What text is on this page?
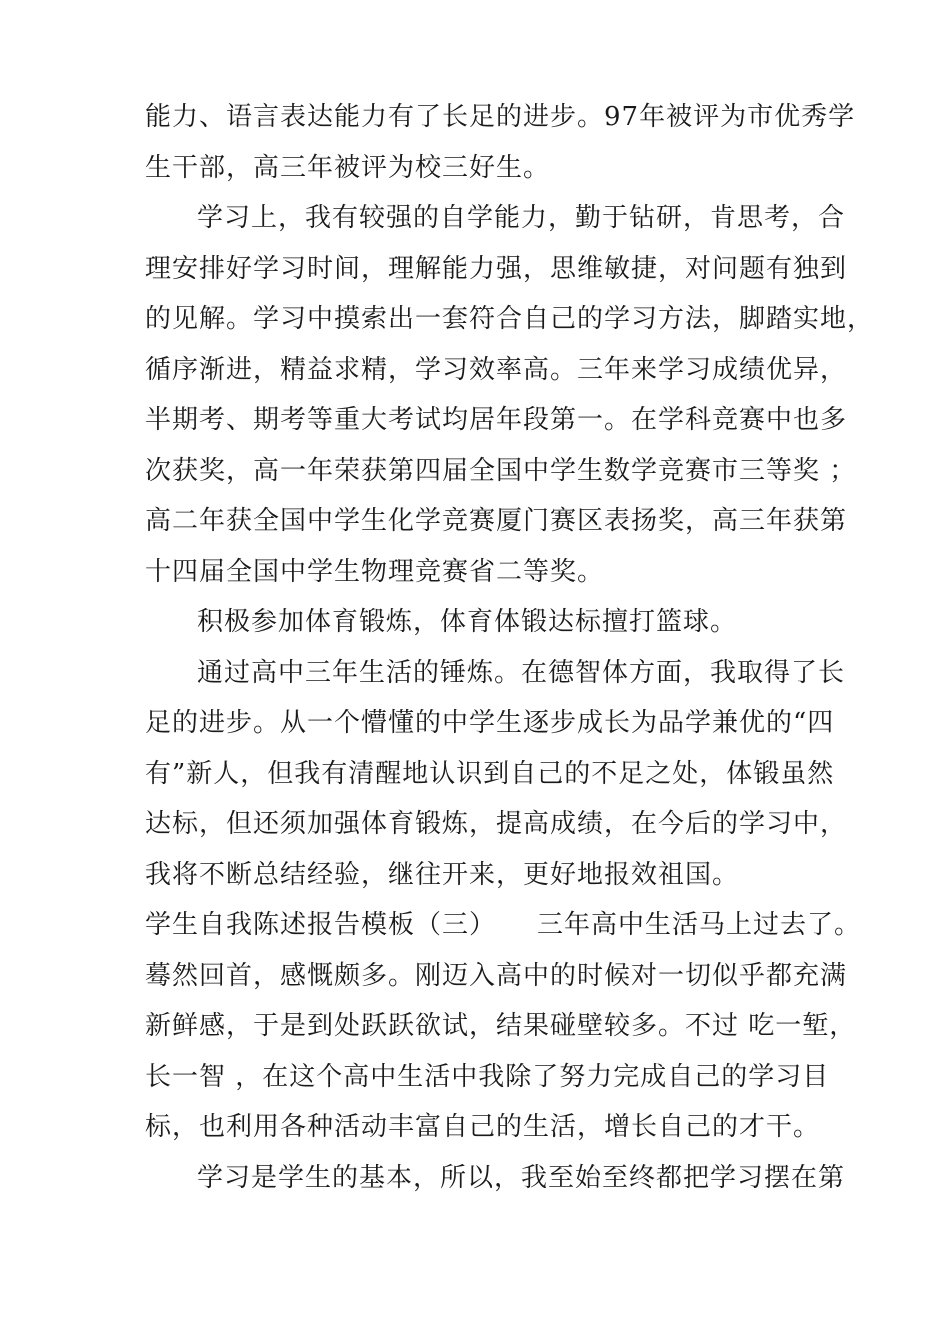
能力、语言表达能力有了长足的进步。97年被评为市优秀学
生干部，高三年被评为校三好生。
学习上，我有较强的自学能力，勤于钻研，肯思考，合
理安排好学习时间，理解能力强，思维敏捷，对问题有独到
的见解。学习中摸索出一套符合自己的学习方法，脚踏实地，
循序渐进，精益求精，学习效率高。三年来学习成绩优异，
半期考、期考等重大考试均居年段第一。在学科竞赛中也多
次获奖，高一年荣获第四届全国中学生数学竞赛市三等奖 ；
高二年获全国中学生化学竞赛厦门赛区表扬奖，高三年获第
十四届全国中学生物理竞赛省二等奖。
积极参加体育锻炼，体育体锻达标擅打篮球。
通过高中三年生活的锤炼。在德智体方面，我取得了长
足的进步。从一个懵懂的中学生逐步成长为品学兼优的“四
有”新人，但我有清醒地认识到自己的不足之处，体锻虽然
达标，但还须加强体育锻炼，提高成绩，在今后的学习中，
我将不断总结经验，继往开来，更好地报效祖国。
学生自我陈述报告模板（三）　　三年高中生活马上过去了。
蓦然回首，感慨颇多。刚迈入高中的时候对一切似乎都充满
新鲜感，于是到处跃跃欲试，结果碰壁较多。不过 吃一堑，
长一智 ，在这个高中生活中我除了努力完成自己的学习目
标，也利用各种活动丰富自己的生活，增长自己的才干。
学习是学生的基本，所以，我至始至终都把学习摆在第
